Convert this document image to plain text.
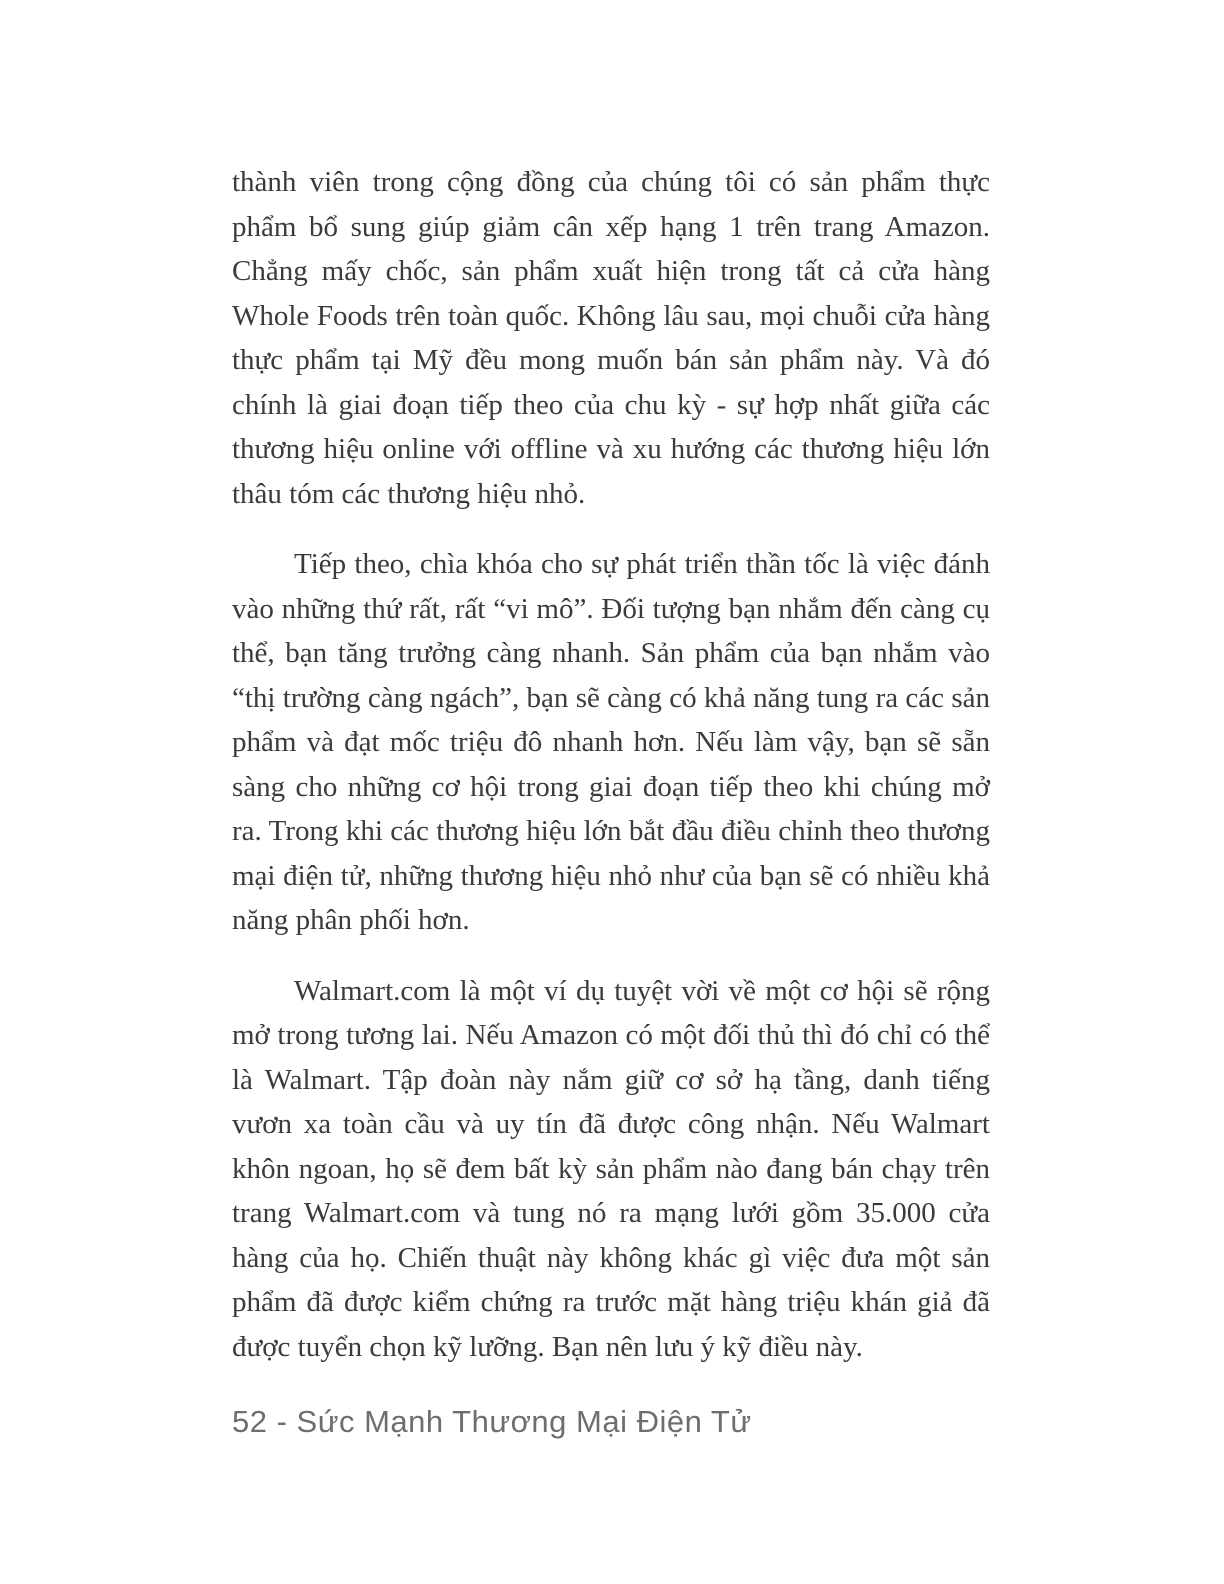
thành viên trong cộng đồng của chúng tôi có sản phẩm thực phẩm bổ sung giúp giảm cân xếp hạng 1 trên trang Amazon. Chẳng mấy chốc, sản phẩm xuất hiện trong tất cả cửa hàng Whole Foods trên toàn quốc. Không lâu sau, mọi chuỗi cửa hàng thực phẩm tại Mỹ đều mong muốn bán sản phẩm này. Và đó chính là giai đoạn tiếp theo của chu kỳ - sự hợp nhất giữa các thương hiệu online với offline và xu hướng các thương hiệu lớn thâu tóm các thương hiệu nhỏ.

Tiếp theo, chìa khóa cho sự phát triển thần tốc là việc đánh vào những thứ rất, rất “vi mô”. Đối tượng bạn nhắm đến càng cụ thể, bạn tăng trưởng càng nhanh. Sản phẩm của bạn nhắm vào “thị trường càng ngách”, bạn sẽ càng có khả năng tung ra các sản phẩm và đạt mốc triệu đô nhanh hơn. Nếu làm vậy, bạn sẽ sẵn sàng cho những cơ hội trong giai đoạn tiếp theo khi chúng mở ra. Trong khi các thương hiệu lớn bắt đầu điều chỉnh theo thương mại điện tử, những thương hiệu nhỏ như của bạn sẽ có nhiều khả năng phân phối hơn.

Walmart.com là một ví dụ tuyệt vời về một cơ hội sẽ rộng mở trong tương lai. Nếu Amazon có một đối thủ thì đó chỉ có thể là Walmart. Tập đoàn này nắm giữ cơ sở hạ tầng, danh tiếng vươn xa toàn cầu và uy tín đã được công nhận. Nếu Walmart khôn ngoan, họ sẽ đem bất kỳ sản phẩm nào đang bán chạy trên trang Walmart.com và tung nó ra mạng lưới gồm 35.000 cửa hàng của họ. Chiến thuật này không khác gì việc đưa một sản phẩm đã được kiểm chứng ra trước mặt hàng triệu khán giả đã được tuyển chọn kỹ lưỡng. Bạn nên lưu ý kỹ điều này.

52 - Sức Mạnh Thương Mại Điện Tử
